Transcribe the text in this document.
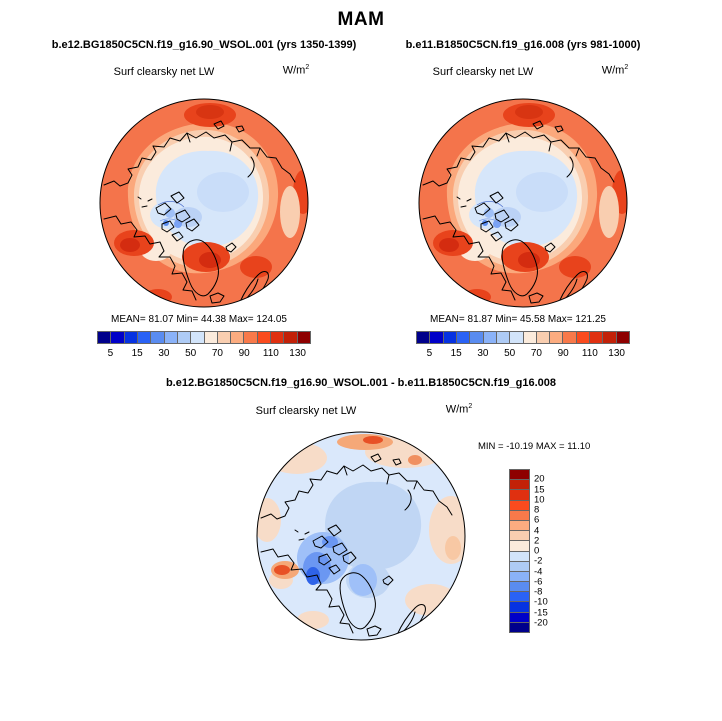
MAM
b.e12.BG1850C5CN.f19_g16.90_WSOL.001 (yrs 1350-1399)	b.e11.B1850C5CN.f19_g16.008 (yrs 981-1000)
Surf clearsky net LW	$W/m^2$	Surf clearsky net LW	$W/m^2$
MEAN= 81.07 Min= 44.38 Max= 124.05	MEAN= 81.87 Min= 45.58 Max= 121.25
5 15 30 50 70 90 110 130	5 15 30 50 70 90 110 130
b.e12.BG1850C5CN.f19_g16.90_WSOL.001 - b.e11.B1850C5CN.f19_g16.008
Surf clearsky net LW	$W/m^2$
MIN = -10.19 MAX = 11.10
20
15
10
8
6
4
2
0
-2
-4
-6
-8
-10
-15
-20
